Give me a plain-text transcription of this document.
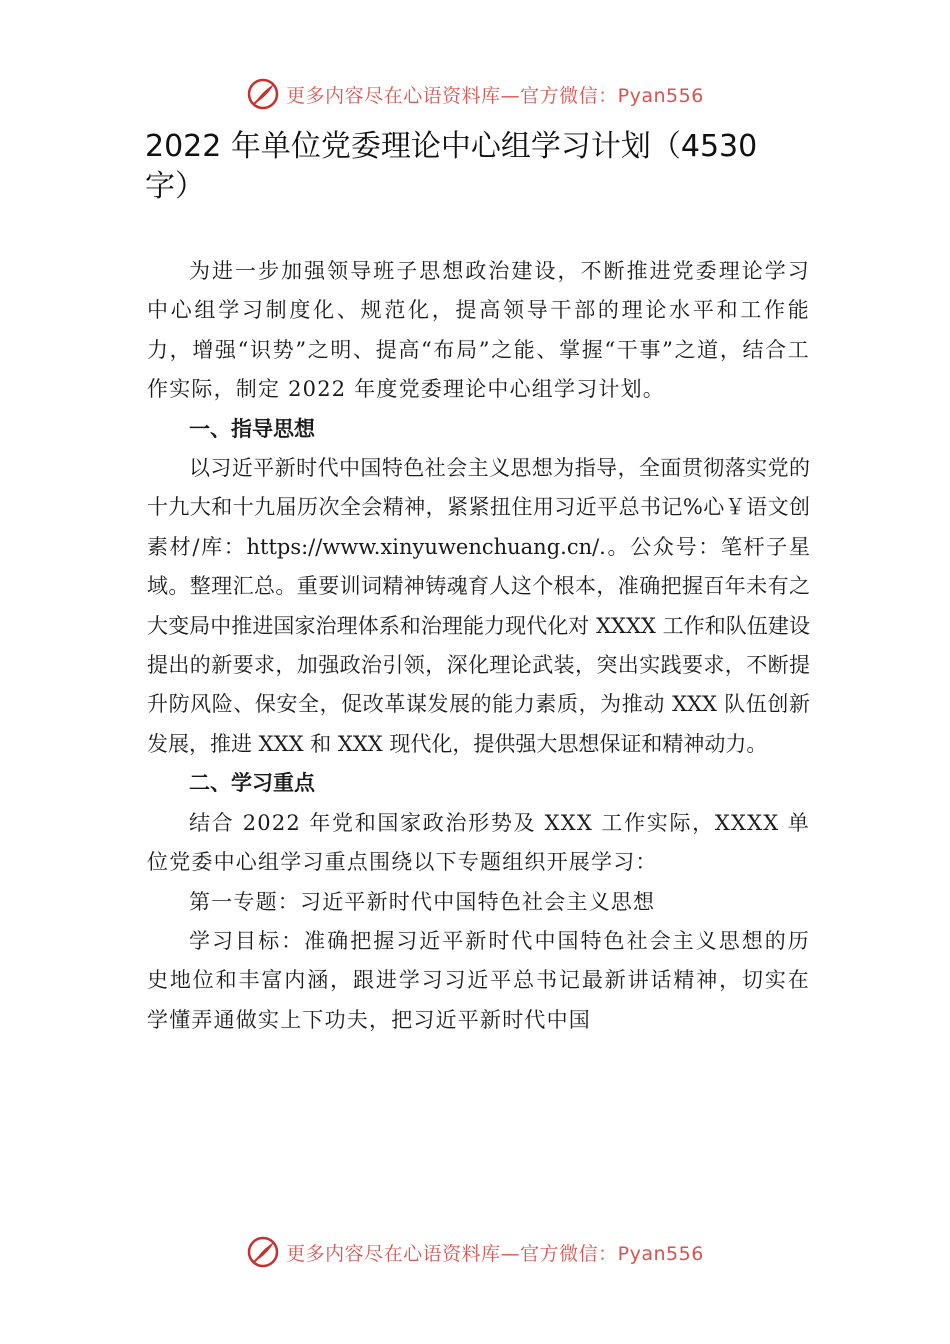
更多内容尽在心语资料库—官方微信：Pyan556
2022 年单位党委理论中心组学习计划（4530 字）

为进一步加强领导班子思想政治建设，不断推进党委理论学习中心组学习制度化、规范化，提高领导干部的理论水平和工作能力，增强“识势”之明、提高“布局”之能、掌握“干事”之道，结合工作实际，制定 2022 年度党委理论中心组学习计划。

一、指导思想

以习近平新时代中国特色社会主义思想为指导，全面贯彻落实党的十九大和十九届历次全会精神，紧紧扭住用习近平总书记%心￥语文创素材/库：https://www.xinyuwenchuang.cn/.。公众号：笔杆子星域。整理汇总。重要训词精神铸魂育人这个根本，准确把握百年未有之大变局中推进国家治理体系和治理能力现代化对 XXXX 工作和队伍建设提出的新要求，加强政治引领，深化理论武装，突出实践要求，不断提升防风险、保安全，促改革谋发展的能力素质，为推动 XXX 队伍创新发展，推进 XXX 和 XXX 现代化，提供强大思想保证和精神动力。

二、学习重点

结合 2022 年党和国家政治形势及 XXX 工作实际，XXXX 单位党委中心组学习重点围绕以下专题组织开展学习：

第一专题：习近平新时代中国特色社会主义思想

学习目标：准确把握习近平新时代中国特色社会主义思想的历史地位和丰富内涵，跟进学习习近平总书记最新讲话精神，切实在学懂弄通做实上下功夫，把习近平新时代中国

更多内容尽在心语资料库—官方微信：Pyan556
